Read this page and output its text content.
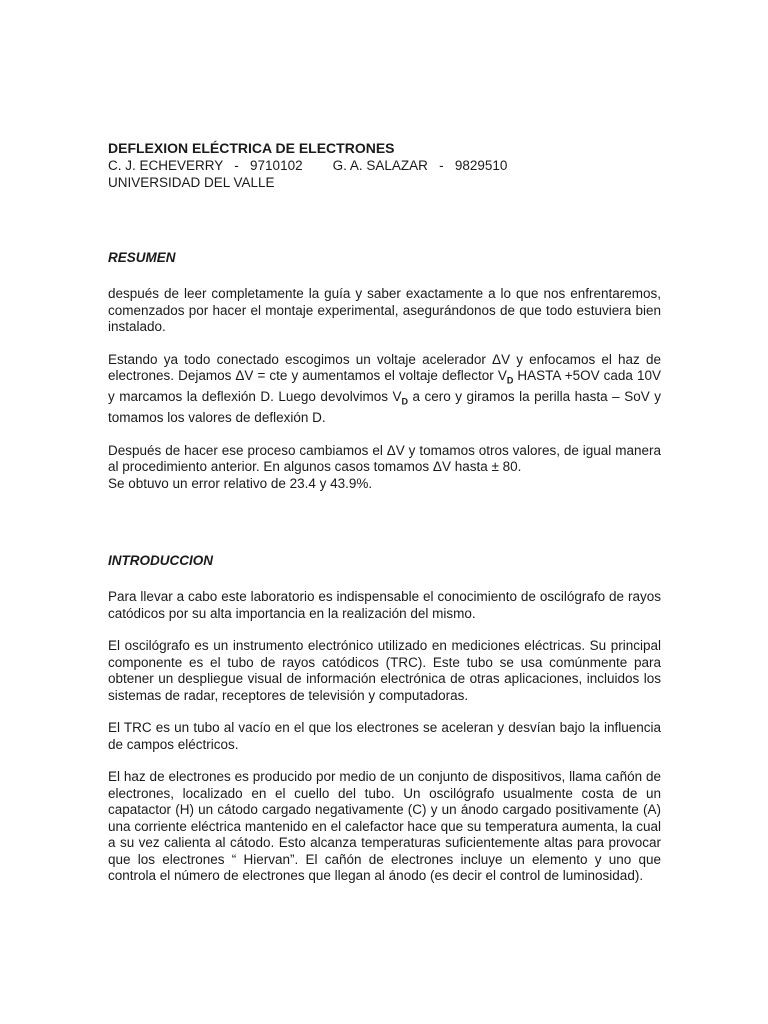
DEFLEXION ELÉCTRICA DE ELECTRONES

C. J. ECHEVERRY   -   9710102        G. A. SALAZAR   -   9829510

UNIVERSIDAD DEL VALLE

RESUMEN

después de leer completamente la guía y saber exactamente a lo que nos enfrentaremos, comenzados por hacer el montaje experimental, asegurándonos de que todo estuviera bien instalado.

Estando ya todo conectado escogimos un voltaje acelerador ΔV y enfocamos el haz de electrones. Dejamos ΔV = cte y aumentamos el voltaje deflector $V_D$ HASTA +5OV cada 10V y marcamos la deflexión D. Luego devolvimos $V_D$ a cero y giramos la perilla hasta – SoV y tomamos los valores de deflexión D.

Después de hacer ese proceso cambiamos el ΔV y tomamos otros valores, de igual manera al procedimiento anterior. En algunos casos tomamos ΔV hasta ± 80.

Se obtuvo un error relativo de 23.4 y 43.9%.

INTRODUCCION

Para llevar a cabo este laboratorio es indispensable el conocimiento de oscilógrafo de rayos catódicos por su alta importancia en la realización del mismo.

El oscilógrafo es un instrumento electrónico utilizado en mediciones eléctricas. Su principal componente es el tubo de rayos catódicos (TRC). Este tubo se usa comúnmente para obtener un despliegue visual de información electrónica de otras aplicaciones, incluidos los sistemas de radar, receptores de televisión y computadoras.

El TRC es un tubo al vacío en el que los electrones se aceleran y desvían bajo la influencia de campos eléctricos.

El haz de electrones es producido por medio de un conjunto de dispositivos, llama cañón de electrones, localizado en el cuello del tubo. Un oscilógrafo usualmente costa de un capatactor (H) un cátodo cargado negativamente (C) y un ánodo cargado positivamente (A) una corriente eléctrica mantenido en el calefactor hace que su temperatura aumenta, la cual a su vez calienta al cátodo. Esto alcanza temperaturas suficientemente altas para provocar que los electrones “ Hiervan”. El cañón de electrones incluye un elemento y uno que controla el número de electrones que llegan al ánodo (es decir el control de luminosidad).
